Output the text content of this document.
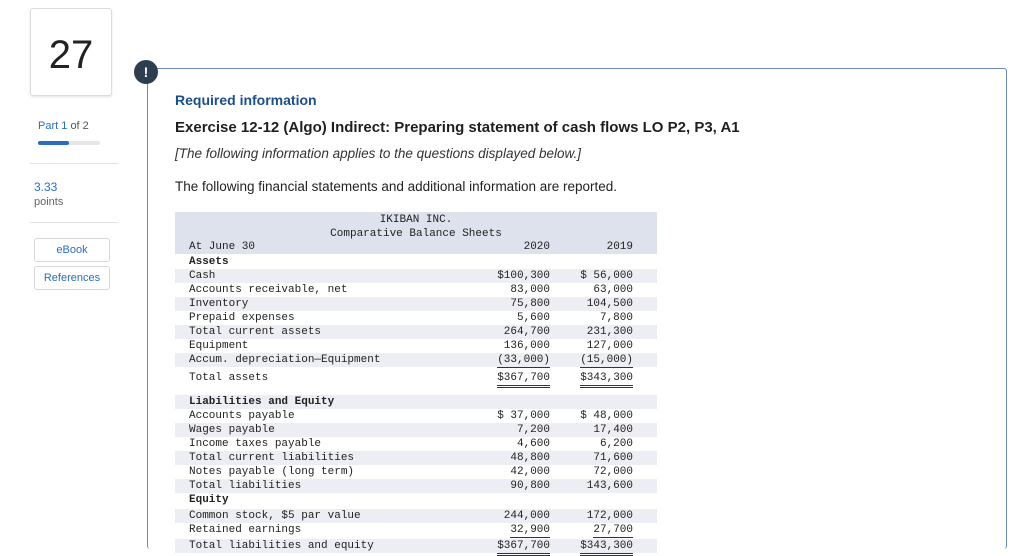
27
Part 1 of 2
3.33
points
eBook
References
!
Required information
Exercise 12-12 (Algo) Indirect: Preparing statement of cash flows LO P2, P3, A1
[The following information applies to the questions displayed below.]
The following financial statements and additional information are reported.
IKIBAN INC.
Comparative Balance Sheets
At June 30	2020	2019
Assets
Cash	$100,300	$ 56,000
Accounts receivable, net	83,000	63,000
Inventory	75,800	104,500
Prepaid expenses	5,600	7,800
Total current assets	264,700	231,300
Equipment	136,000	127,000
Accum. depreciation—Equipment	(33,000)	(15,000)
Total assets	$367,700	$343,300
Liabilities and Equity
Accounts payable	$ 37,000	$ 48,000
Wages payable	7,200	17,400
Income taxes payable	4,600	6,200
Total current liabilities	48,800	71,600
Notes payable (long term)	42,000	72,000
Total liabilities	90,800	143,600
Equity
Common stock, $5 par value	244,000	172,000
Retained earnings	32,900	27,700
Total liabilities and equity	$367,700	$343,300
